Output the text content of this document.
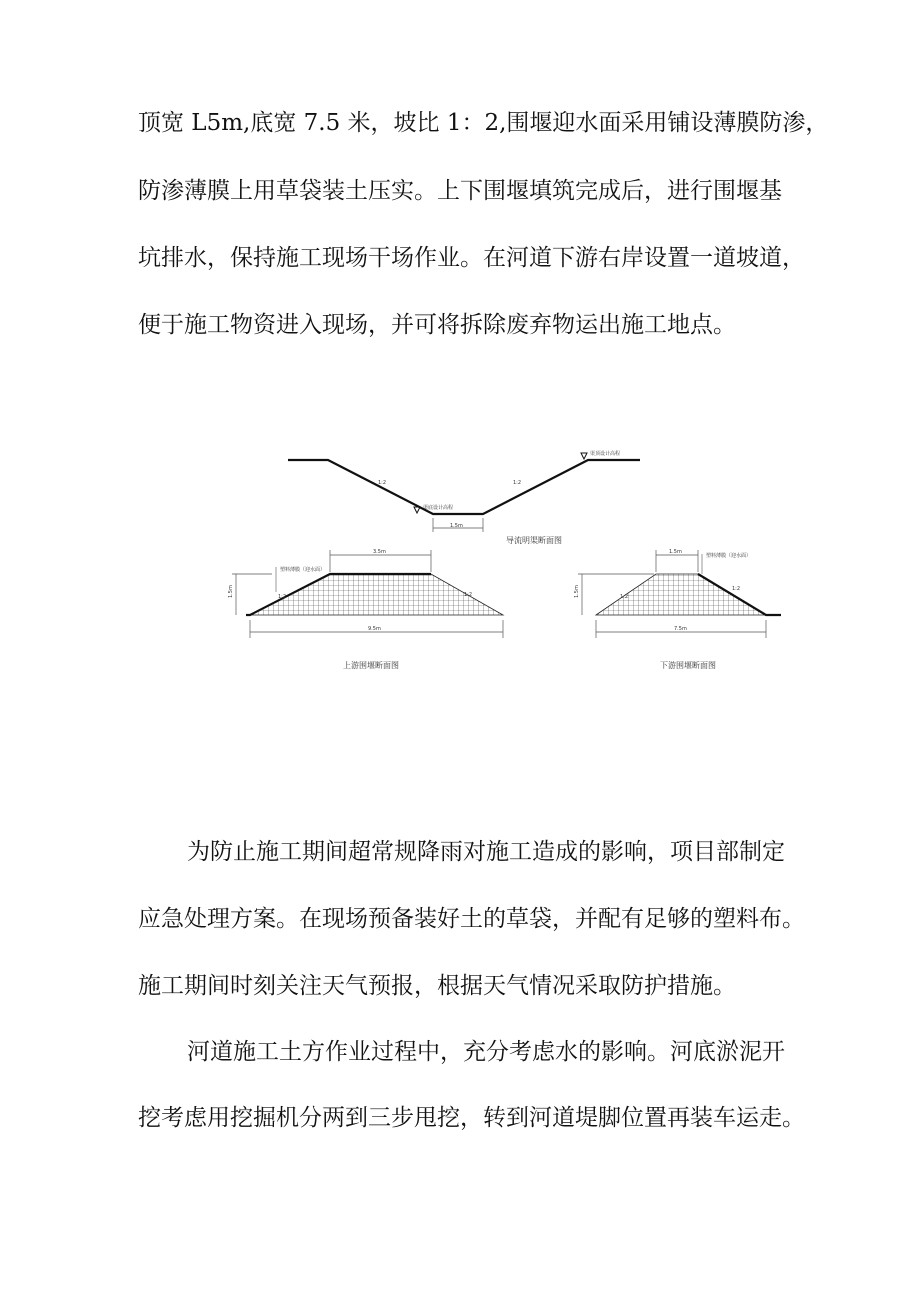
顶宽 L5m,底宽 7.5 米，坡比 1：2,围堰迎水面采用铺设薄膜防渗，
防渗薄膜上用草袋装土压实。上下围堰填筑完成后，进行围堰基
坑排水，保持施工现场干场作业。在河道下游右岸设置一道坡道，
便于施工物资进入现场，并可将拆除废弃物运出施工地点。
渠底设计高程
渠顶设计高程
1:2	1:2
1.5m
导流明渠断面图
1.5m
3.5m
塑料薄膜（迎水面）
1:2	1:2
9.5m
上游围堰断面图
1.5m
1.5m
塑料薄膜（迎水面）
1:2
1:2
7.5m
下游围堰断面图
为防止施工期间超常规降雨对施工造成的影响，项目部制定
应急处理方案。在现场预备装好土的草袋，并配有足够的塑料布。
施工期间时刻关注天气预报，根据天气情况采取防护措施。
河道施工土方作业过程中，充分考虑水的影响。河底淤泥开
挖考虑用挖掘机分两到三步甩挖，转到河道堤脚位置再装车运走。
